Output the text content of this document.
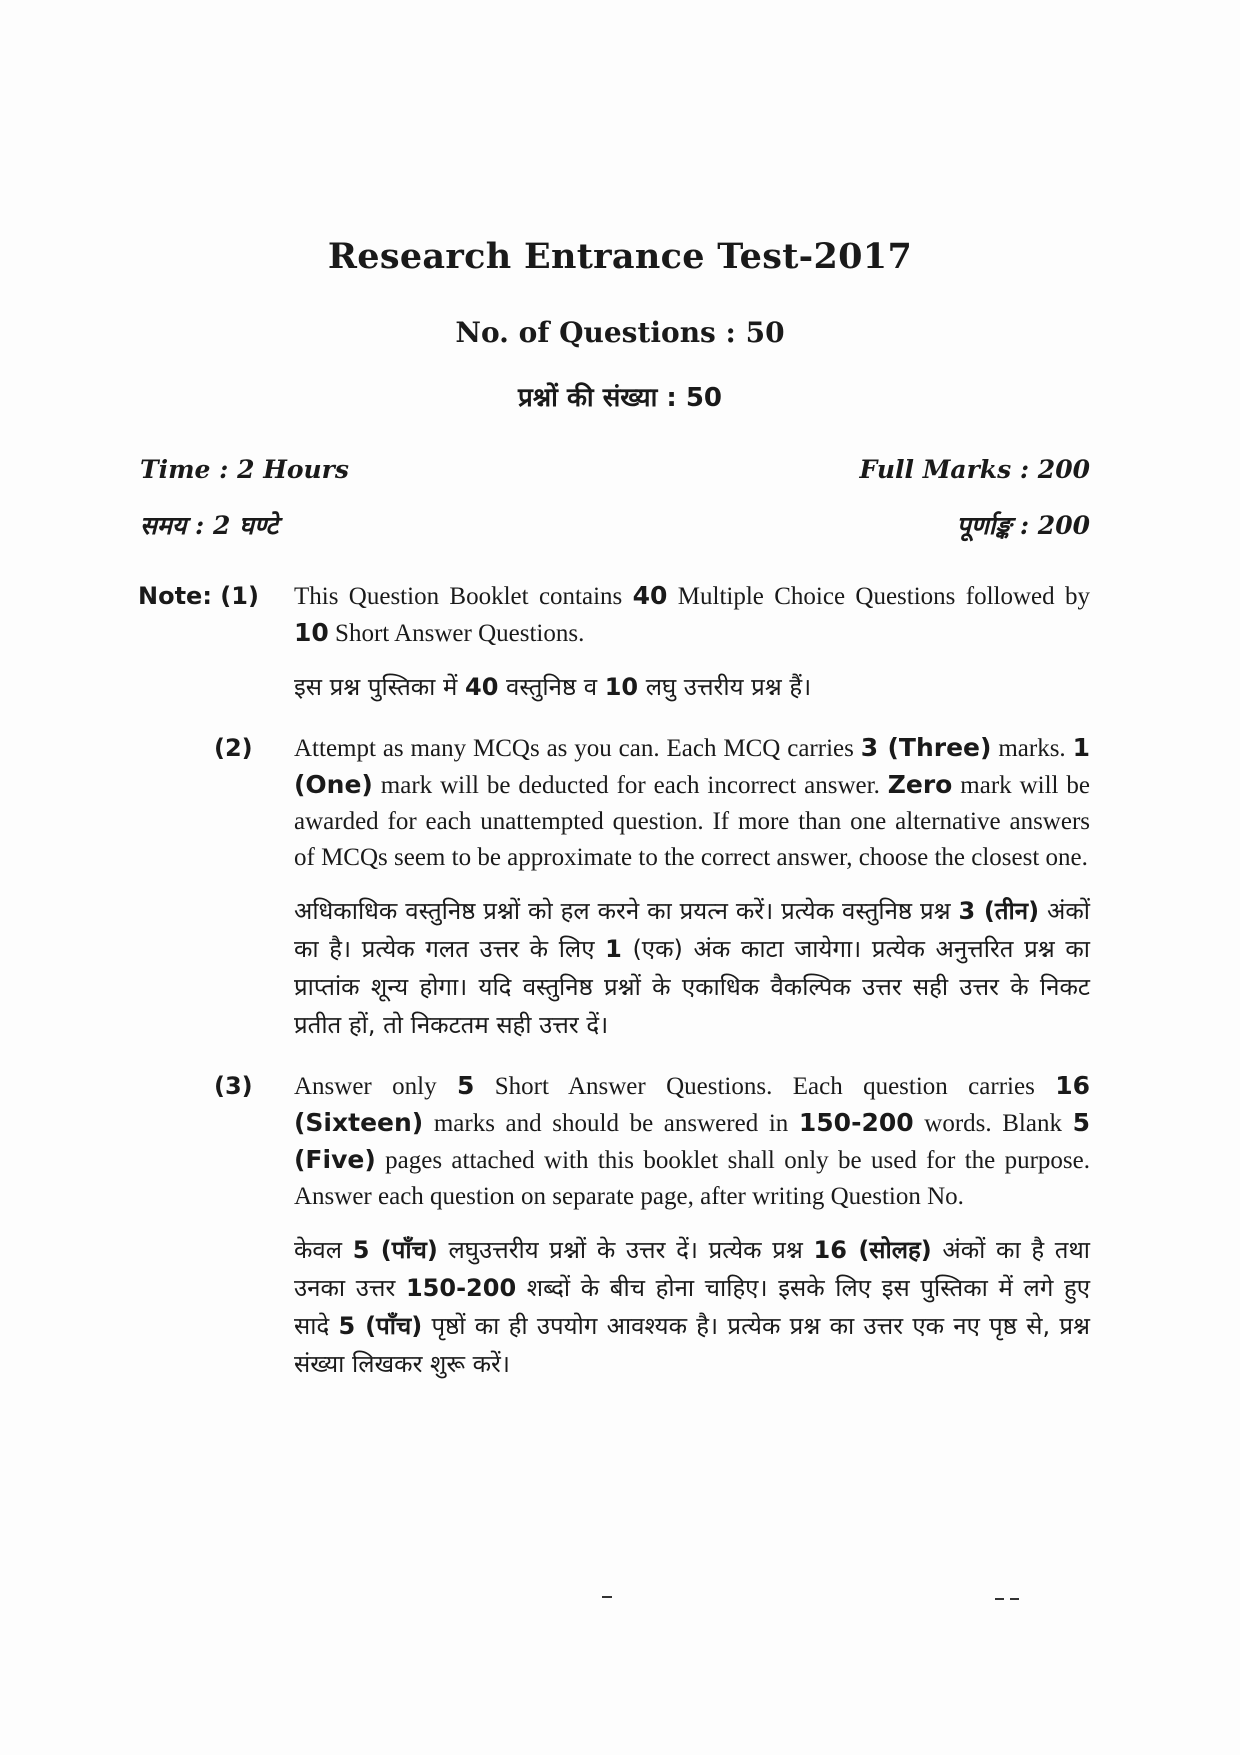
Research Entrance Test-2017
No. of Questions : 50
प्रश्नों की संख्या : 50
Time : 2 Hours	Full Marks : 200
समय : 2 घण्टे	पूर्णाङ्क : 200
Note: (1)	This Question Booklet contains 40 Multiple Choice Questions followed by 10 Short Answer Questions.

इस प्रश्न पुस्तिका में 40 वस्तुनिष्ठ व 10 लघु उत्तरीय प्रश्न हैं।

(2)	Attempt as many MCQs as you can. Each MCQ carries 3 (Three) marks. 1 (One) mark will be deducted for each incorrect answer. Zero mark will be awarded for each unattempted question. If more than one alternative answers of MCQs seem to be approximate to the correct answer, choose the closest one.

अधिकाधिक वस्तुनिष्ठ प्रश्नों को हल करने का प्रयत्न करें। प्रत्येक वस्तुनिष्ठ प्रश्न 3 (तीन) अंकों का है। प्रत्येक गलत उत्तर के लिए 1 (एक) अंक काटा जायेगा। प्रत्येक अनुत्तरित प्रश्न का प्राप्तांक शून्य होगा। यदि वस्तुनिष्ठ प्रश्नों के एकाधिक वैकल्पिक उत्तर सही उत्तर के निकट प्रतीत हों, तो निकटतम सही उत्तर दें।

(3)	Answer only 5 Short Answer Questions. Each question carries 16 (Sixteen) marks and should be answered in 150-200 words. Blank 5 (Five) pages attached with this booklet shall only be used for the purpose. Answer each question on separate page, after writing Question No.

केवल 5 (पाँच) लघुउत्तरीय प्रश्नों के उत्तर दें। प्रत्येक प्रश्न 16 (सोलह) अंकों का है तथा उनका उत्तर 150-200 शब्दों के बीच होना चाहिए। इसके लिए इस पुस्तिका में लगे हुए सादे 5 (पाँच) पृष्ठों का ही उपयोग आवश्यक है। प्रत्येक प्रश्न का उत्तर एक नए पृष्ठ से, प्रश्न संख्या लिखकर शुरू करें।
